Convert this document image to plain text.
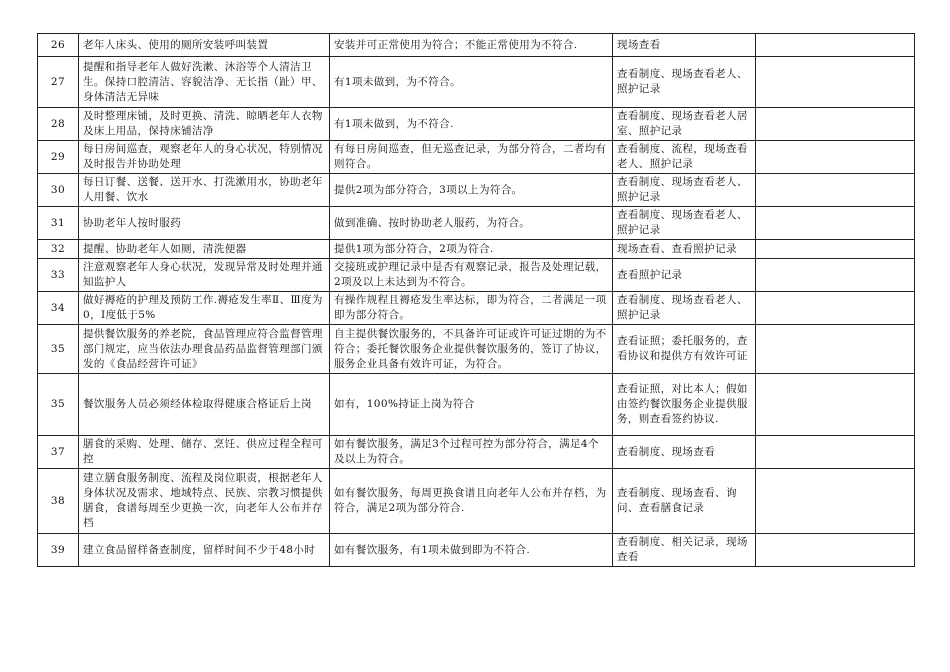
26	老年人床头、使用的厕所安装呼叫装置	安装并可正常使用为符合；不能正常使用为不符合.	现场查看	
27	提醒和指导老年人做好洗漱、沐浴等个人清洁卫生。保持口腔清洁、容貌洁净、无长指（趾）甲、身体清洁无异味	有1项未做到，为不符合。	查看制度、现场查看老人、照护记录	
28	及时整理床铺，及时更换、清洗、晾晒老年人衣物及床上用品，保持床铺洁净	有1项未做到，为不符合.	查看制度、现场查看老人居室、照护记录	
29	每日房间巡查，观察老年人的身心状况，特别情况及时报告并协助处理	有每日房间巡查，但无巡查记录，为部分符合，二者均有则符合。	查看制度、流程，现场查看老人、照护记录	
30	每日订餐、送餐、送开水、打洗漱用水，协助老年人用餐、饮水	提供2项为部分符合，3项以上为符合。	查看制度、现场查看老人、照护记录	
31	协助老年人按时服药	做到准确、按时协助老人服药，为符合。	查看制度、现场查看老人、照护记录	
32	提醒、协助老年人如厕，清洗便器	提供1项为部分符合，2项为符合.	现场查看、查看照护记录	
33	注意观察老年人身心状况，发现异常及时处理并通知监护人	交接班或护理记录中是否有观察记录，报告及处理记载，2项及以上未达到为不符合。	查看照护记录	
34	做好褥疮的护理及预防工作.褥疮发生率Ⅱ、Ⅲ度为0，Ⅰ度低于5%	有操作规程且褥疮发生率达标，即为符合，二者满足一项即为部分符合。	查看制度、现场查看老人、照护记录	
35	提供餐饮服务的养老院，食品管理应符合监督管理部门规定，应当依法办理食品药品监督管理部门颁发的《食品经营许可证》	自主提供餐饮服务的，不具备许可证或许可证过期的为不符合；委托餐饮服务企业提供餐饮服务的，签订了协议，服务企业具备有效许可证，为符合。	查看证照；委托服务的，查看协议和提供方有效许可证	
35	餐饮服务人员必须经体检取得健康合格证后上岗	如有，100%持证上岗为符合	查看证照，对比本人；假如由签约餐饮服务企业提供服务，则查看签约协议.	
37	膳食的采购、处理、储存、烹饪、供应过程全程可控	如有餐饮服务，满足3个过程可控为部分符合，满足4个及以上为符合。	查看制度、现场查看	
38	建立膳食服务制度、流程及岗位职责，根据老年人身体状况及需求、地域特点、民族、宗教习惯提供膳食，食谱每周至少更换一次，向老年人公布并存档	如有餐饮服务，每周更换食谱且向老年人公布并存档，为符合，满足2项为部分符合.	查看制度、现场查看、询问、查看膳食记录	
39	建立食品留样备查制度，留样时间不少于48小时	如有餐饮服务，有1项未做到即为不符合.	查看制度、相关记录，现场查看	
